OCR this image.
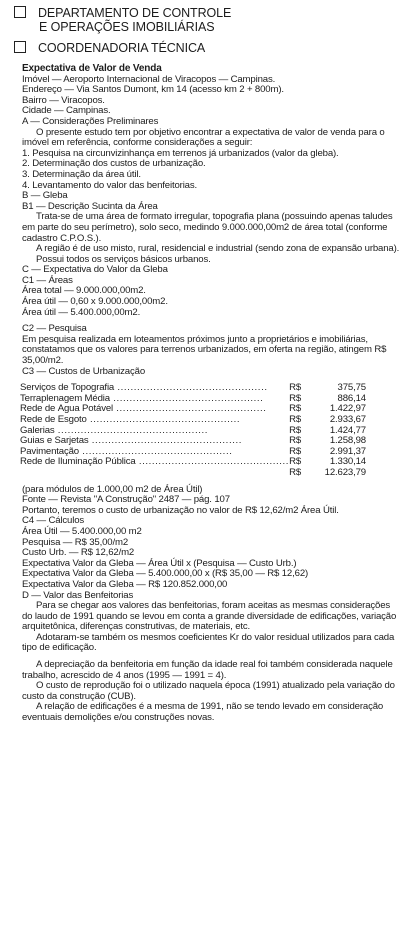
DEPARTAMENTO DE CONTROLE
E OPERAÇÕES IMOBILIÁRIAS
COORDENADORIA TÉCNICA

Expectativa de Valor de Venda

Imóvel — Aeroporto Internacional de Viracopos — Campinas.

Endereço — Via Santos Dumont, km 14 (acesso km 2 + 800m).

Bairro — Viracopos.

Cidade — Campinas.

A — Considerações Preliminares

O presente estudo tem por objetivo encontrar a expectativa de valor de venda para o imóvel em referência, conforme considerações a seguir:

1. Pesquisa na circunvizinhança em terrenos já urbanizados (valor da gleba).

2. Determinação dos custos de urbanização.

3. Determinação da área útil.

4. Levantamento do valor das benfeitorias.

B — Gleba

B1 — Descrição Sucinta da Área

Trata-se de uma área de formato irregular, topografia plana (possuindo apenas taludes em parte do seu perímetro), solo seco, medindo 9.000.000,00m2 de área total (conforme cadastro C.P.O.S.).

A região é de uso misto, rural, residencial e industrial (sendo zona de expansão urbana).

Possui todos os serviços básicos urbanos.

C — Expectativa do Valor da Gleba

C1 — Áreas

Área total — 9.000.000,00m2.

Área útil — 0,60 x 9.000.000,00m2.

Área útil — 5.400.000,00m2.

C2 — Pesquisa

Em pesquisa realizada em loteamentos próximos junto a proprietários e imobiliárias, constatamos que os valores para terrenos urbanizados, em oferta na região, atingem R$ 35,00/m2.

C3 — Custos de Urbanização

Serviços de Topografia ..............................................	R$	375,75
Terraplenagem Média ..............................................	R$	886,14
Rede de Água Potável ..............................................	R$	1.422,97
Rede de Esgoto ..............................................	R$	2.933,67
Galerias ..............................................	R$	1.424,77
Guias e Sarjetas ..............................................	R$	1.258,98
Pavimentação ..............................................	R$	2.991,37
Rede de Iluminação Pública ..............................................	R$	1.330,14
	R$	12.623,79

(para módulos de 1.000,00 m2 de Área Útil)

Fonte — Revista "A Construção" 2487 — pág. 107

Portanto, teremos o custo de urbanização no valor de R$ 12,62/m2 Área Útil.

C4 — Cálculos

Área Útil — 5.400.000,00 m2

Pesquisa — R$ 35,00/m2

Custo Urb. — R$ 12,62/m2

Expectativa Valor da Gleba — Área Útil x (Pesquisa — Custo Urb.)

Expectativa Valor da Gleba — 5.400.000,00 x (R$ 35,00 — R$ 12,62)

Expectativa Valor da Gleba — R$ 120.852.000,00

D — Valor das Benfeitorias

Para se chegar aos valores das benfeitorias, foram aceitas as mesmas considerações do laudo de 1991 quando se levou em conta a grande diversidade de edificações, variação arquitetônica, diferenças construtivas, de materiais, etc.

Adotaram-se também os mesmos coeficientes Kr do valor residual utilizados para cada tipo de edificação.

A depreciação da benfeitoria em função da idade real foi também considerada naquele trabalho, acrescido de 4 anos (1995 — 1991 = 4).

O custo de reprodução foi o utilizado naquela época (1991) atualizado pela variação do custo da construção (CUB).

A relação de edificações é a mesma de 1991, não se tendo levado em consideração eventuais demolições e/ou construções novas.
